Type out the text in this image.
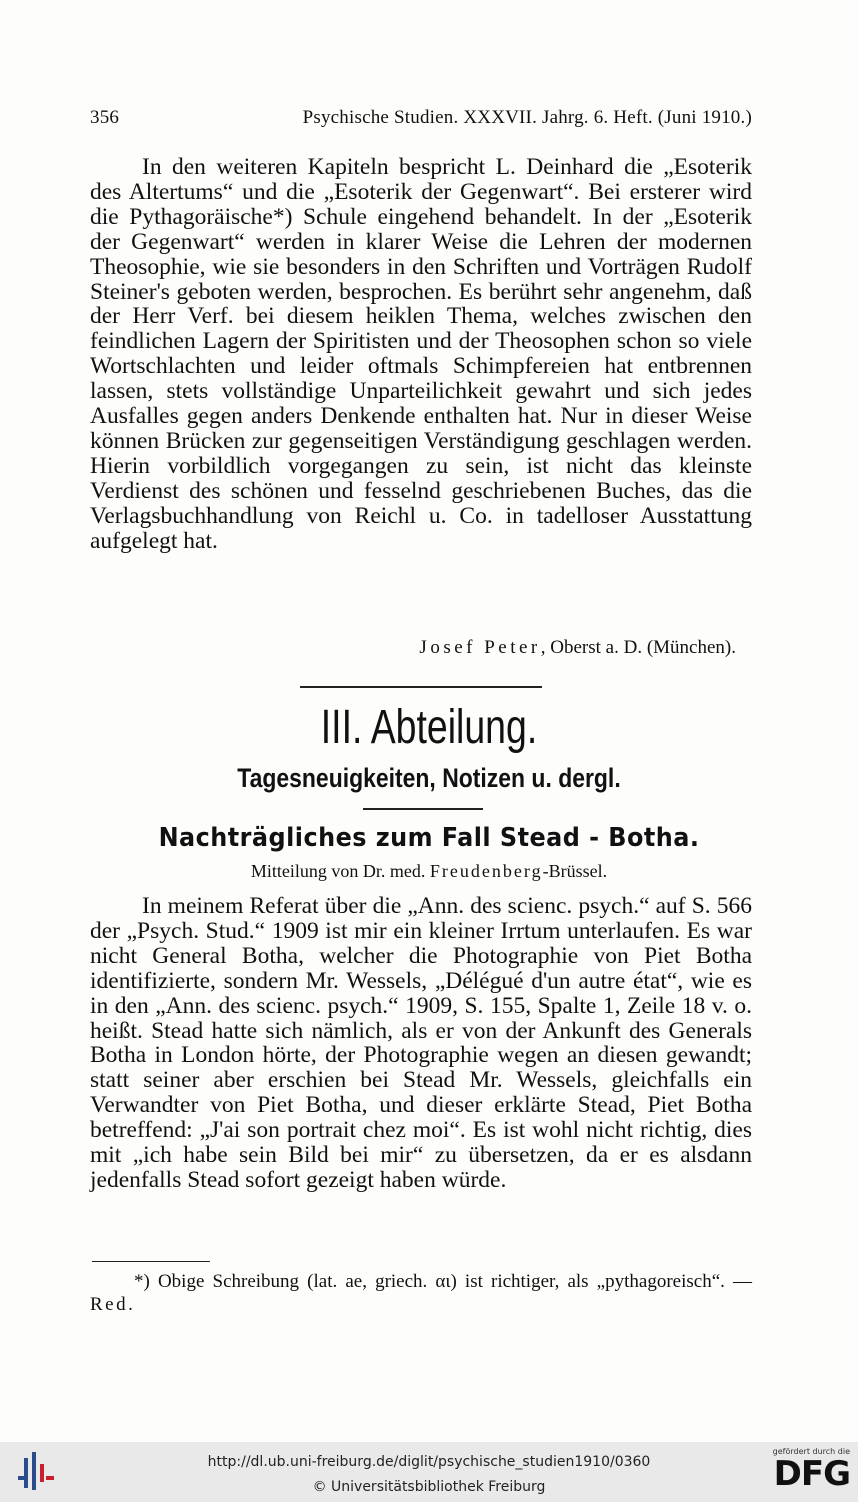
356	Psychische Studien. XXXVII. Jahrg. 6. Heft. (Juni 1910.)

In den weiteren Kapiteln bespricht L. Deinhard die „Esoterik des Altertums“ und die „Esoterik der Gegenwart“. Bei ersterer wird die Pythagoräische*) Schule eingehend behandelt. In der „Esoterik der Gegenwart“ werden in klarer Weise die Lehren der modernen Theosophie, wie sie besonders in den Schriften und Vorträgen Rudolf Steiner's geboten werden, besprochen. Es berührt sehr angenehm, daß der Herr Verf. bei diesem heiklen Thema, welches zwischen den feindlichen Lagern der Spiritisten und der Theosophen schon so viele Wortschlachten und leider oftmals Schimpfereien hat entbrennen lassen, stets vollständige Unparteilichkeit gewahrt und sich jedes Ausfalles gegen anders Denkende enthalten hat. Nur in dieser Weise können Brücken zur gegenseitigen Verständigung geschlagen werden. Hierin vorbildlich vorgegangen zu sein, ist nicht das kleinste Verdienst des schönen und fesselnd geschriebenen Buches, das die Verlagsbuchhandlung von Reichl u. Co. in tadelloser Ausstattung aufgelegt hat.

Josef Peter, Oberst a. D. (München).
III. Abteilung.
Tagesneuigkeiten, Notizen u. dergl.
Nachträgliches zum Fall Stead - Botha.
Mitteilung von Dr. med. Freudenberg-Brüssel.

In meinem Referat über die „Ann. des scienc. psych.“ auf S. 566 der „Psych. Stud.“ 1909 ist mir ein kleiner Irrtum unterlaufen. Es war nicht General Botha, welcher die Photographie von Piet Botha identifizierte, sondern Mr. Wessels, „Délégué d'un autre état“, wie es in den „Ann. des scienc. psych.“ 1909, S. 155, Spalte 1, Zeile 18 v. o. heißt. Stead hatte sich nämlich, als er von der Ankunft des Generals Botha in London hörte, der Photographie wegen an diesen gewandt; statt seiner aber erschien bei Stead Mr. Wessels, gleichfalls ein Verwandter von Piet Botha, und dieser erklärte Stead, Piet Botha betreffend: „J'ai son portrait chez moi“. Es ist wohl nicht richtig, dies mit „ich habe sein Bild bei mir“ zu übersetzen, da er es alsdann jedenfalls Stead sofort gezeigt haben würde.

*) Obige Schreibung (lat. ae, griech. αι) ist richtiger, als „pythagoreisch“. — Red.

http://dl.ub.uni-freiburg.de/diglit/psychische_studien1910/0360
© Universitätsbibliothek Freiburg
gefördert durch die
DFG
